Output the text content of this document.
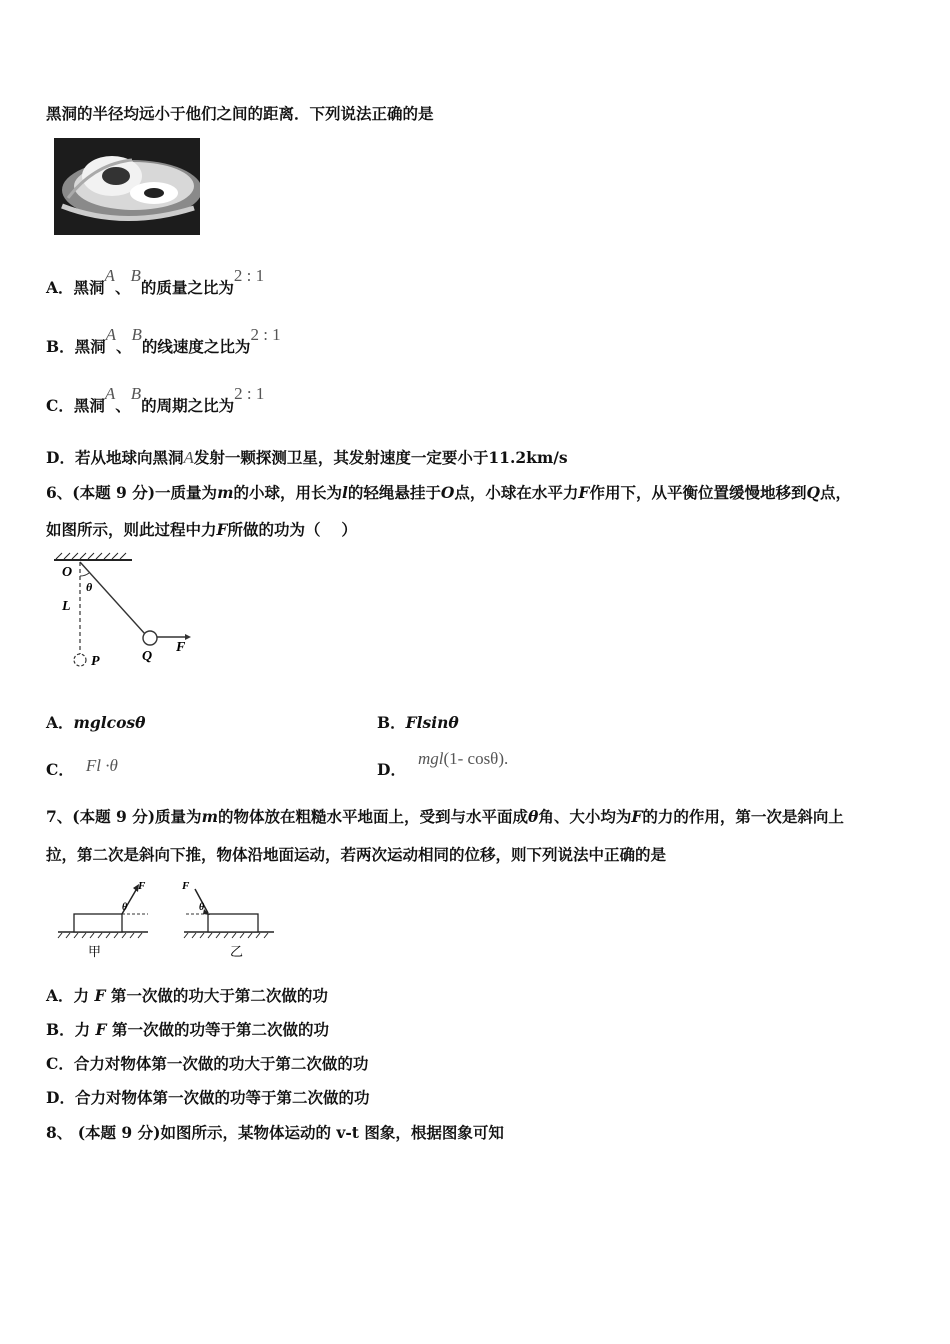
黑洞的半径均远小于他们之间的距离．下列说法正确的是
A．黑洞A、B的质量之比为2 : 1
B．黑洞A、B的线速度之比为2 : 1
C．黑洞A、B的周期之比为2 : 1
D．若从地球向黑洞A发射一颗探测卫星，其发射速度一定要小于11.2km/s
6、(本题 9 分)一质量为m的小球，用长为l的轻绳悬挂于O点，小球在水平力F作用下，从平衡位置缓慢地移到Q点，
如图所示，则此过程中力F所做的功为（　 ）
O
θ
L
Q
F
P
A．mglcosθ	B．Flsinθ
C． Fl ·θ	D．mgl(1- cosθ).
7、(本题 9 分)质量为m的物体放在粗糙水平地面上，受到与水平面成θ角、大小均为F的力的作用，第一次是斜向上
拉，第二次是斜向下推，物体沿地面运动，若两次运动相同的位移，则下列说法中正确的是
F
θ
甲
F
θ
乙
A．力 F 第一次做的功大于第二次做的功
B．力 F 第一次做的功等于第二次做的功
C．合力对物体第一次做的功大于第二次做的功
D．合力对物体第一次做的功等于第二次做的功
8、 (本题 9 分)如图所示，某物体运动的 v-t 图象，根据图象可知
